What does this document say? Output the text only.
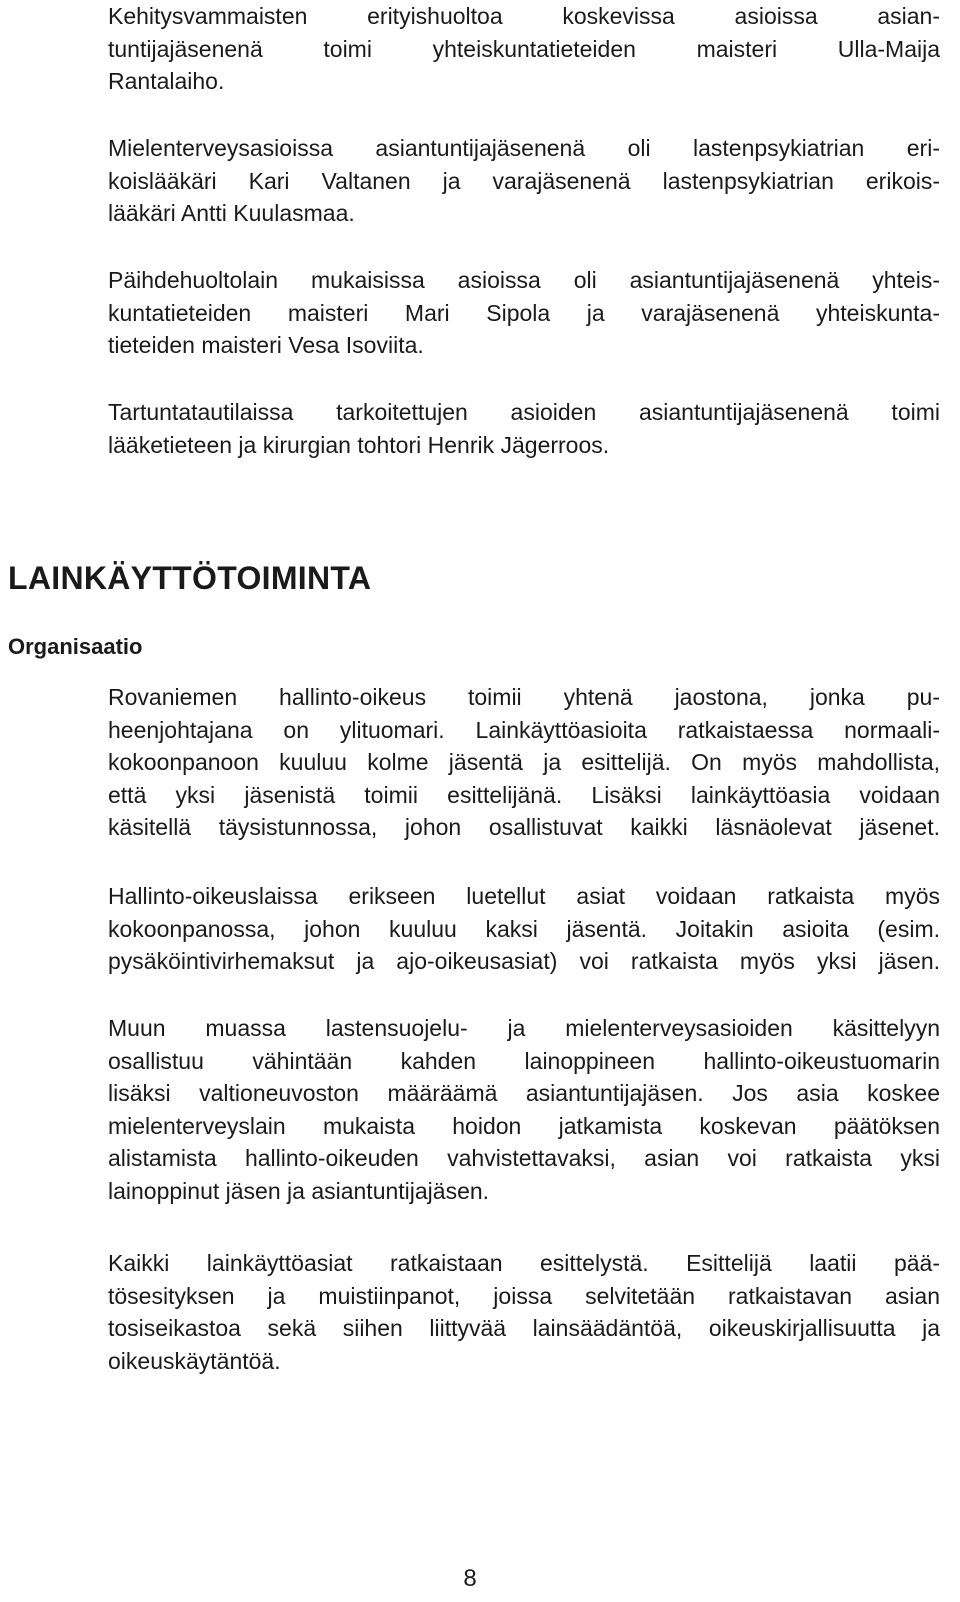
Kehitysvammaisten erityishuoltoa koskevissa asioissa asian-
tuntijajäsenenä toimi yhteiskuntatieteiden maisteri Ulla-Maija
Rantalaiho.

Mielenterveysasioissa asiantuntijajäsenenä oli lastenpsykiatrian eri-
koislääkäri Kari Valtanen ja varajäsenenä lastenpsykiatrian erikois-
lääkäri Antti Kuulasmaa.

Päihdehuoltolain mukaisissa asioissa oli asiantuntijajäsenenä yhteis-
kuntatieteiden maisteri Mari Sipola ja varajäsenenä yhteiskunta-
tieteiden maisteri Vesa Isoviita.

Tartuntatautilaissa tarkoitettujen asioiden asiantuntijajäsenenä toimi
lääketieteen ja kirurgian tohtori Henrik Jägerroos.

LAINKÄYTTÖTOIMINTA
Organisaatio

Rovaniemen hallinto-oikeus toimii yhtenä jaostona, jonka pu-
heenjohtajana on ylituomari. Lainkäyttöasioita ratkaistaessa normaali-
kokoonpanoon kuuluu kolme jäsentä ja esittelijä. On myös mahdollista,
että yksi jäsenistä toimii esittelijänä. Lisäksi lainkäyttöasia voidaan
käsitellä täysistunnossa, johon osallistuvat kaikki läsnäolevat jäsenet.

Hallinto-oikeuslaissa erikseen luetellut asiat voidaan ratkaista myös
kokoonpanossa, johon kuuluu kaksi jäsentä. Joitakin asioita (esim.
pysäköintivirhemaksut ja ajo-oikeusasiat) voi ratkaista myös yksi jäsen.

Muun muassa lastensuojelu- ja mielenterveysasioiden käsittelyyn
osallistuu vähintään kahden lainoppineen hallinto-oikeustuomarin
lisäksi valtioneuvoston määräämä asiantuntijajäsen. Jos asia koskee
mielenterveyslain mukaista hoidon jatkamista koskevan päätöksen
alistamista hallinto-oikeuden vahvistettavaksi, asian voi ratkaista yksi
lainoppinut jäsen ja asiantuntijajäsen.

Kaikki lainkäyttöasiat ratkaistaan esittelystä. Esittelijä laatii pää-
tösesityksen ja muistiinpanot, joissa selvitetään ratkaistavan asian
tosiseikastoa sekä siihen liittyvää lainsäädäntöä, oikeuskirjallisuutta ja
oikeuskäytäntöä.

8
